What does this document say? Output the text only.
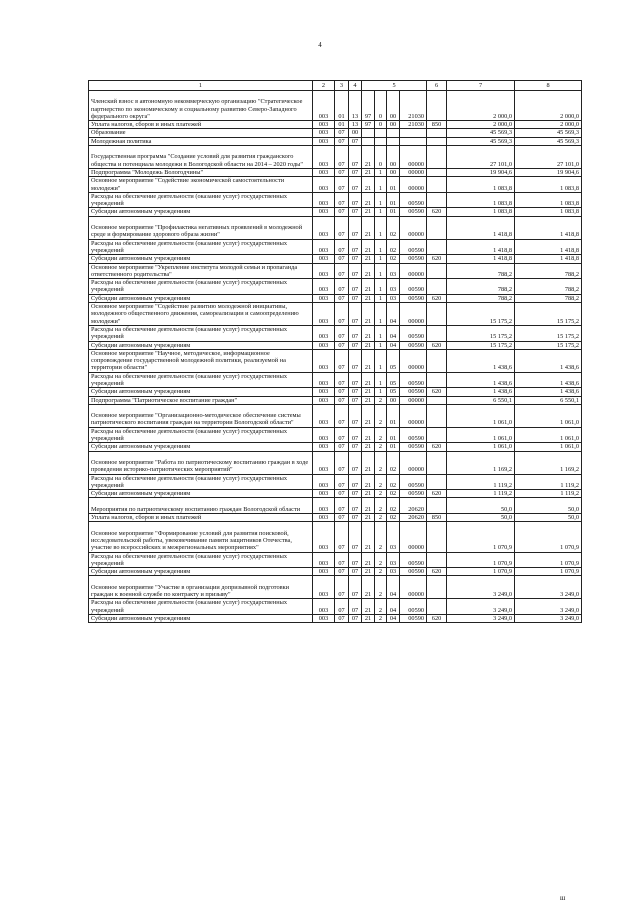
4
1	2	3	4	5				6	7	8
Членский взнос в автономную некоммерческую организацию "Стратегическое партнерство по экономическому и социальному развитию Северо-Западного федерального округа"	003	01	13	97	0	00	21030		2 000,0	2 000,0
Уплата налогов, сборов и иных платежей	003	01	13	97	0	00	21030	850	2 000,0	2 000,0
Образование	003	07	00						45 569,3	45 569,3
Молодежная политика	003	07	07						45 569,3	45 569,3
Государственная программа "Создание условий для развития гражданского общества и потенциала молодежи в Вологодской области на 2014 – 2020 годы"	003	07	07	21	0	00	00000		27 101,0	27 101,0
Подпрограмма "Молодежь Вологодчины"	003	07	07	21	1	00	00000		19 904,6	19 904,6
Основное мероприятие "Содействие экономической самостоятельности молодежи"	003	07	07	21	1	01	00000		1 083,8	1 083,8
Расходы на обеспечение деятельности (оказание услуг) государственных учреждений	003	07	07	21	1	01	00590		1 083,8	1 083,8
Субсидии автономным учреждениям	003	07	07	21	1	01	00590	620	1 083,8	1 083,8
Основное мероприятие "Профилактика негативных проявлений в молодежной среде и формирование здорового образа жизни"	003	07	07	21	1	02	00000		1 418,8	1 418,8
Расходы на обеспечение деятельности (оказание услуг) государственных учреждений	003	07	07	21	1	02	00590		1 418,8	1 418,8
Субсидии автономным учреждениям	003	07	07	21	1	02	00590	620	1 418,8	1 418,8
Основное мероприятие "Укрепление института молодой семьи и пропаганда ответственного родительства"	003	07	07	21	1	03	00000		788,2	788,2
Расходы на обеспечение деятельности (оказание услуг) государственных учреждений	003	07	07	21	1	03	00590		788,2	788,2
Субсидии автономным учреждениям	003	07	07	21	1	03	00590	620	788,2	788,2
Основное мероприятие "Содействие развитию молодежной инициативы, молодежного общественного движения, самореализации и самоопределению молодежи"	003	07	07	21	1	04	00000		15 175,2	15 175,2
Расходы на обеспечение деятельности (оказание услуг) государственных учреждений	003	07	07	21	1	04	00590		15 175,2	15 175,2
Субсидии автономным учреждениям	003	07	07	21	1	04	00590	620	15 175,2	15 175,2
Основное мероприятие "Научное, методическое, информационное сопровождение государственной молодежной политики, реализуемой на территории области"	003	07	07	21	1	05	00000		1 438,6	1 438,6
Расходы на обеспечение деятельности (оказание услуг) государственных учреждений	003	07	07	21	1	05	00590		1 438,6	1 438,6
Субсидии автономным учреждениям	003	07	07	21	1	05	00590	620	1 438,6	1 438,6
Подпрограмма "Патриотическое воспитание граждан"	003	07	07	21	2	00	00000		6 550,1	6 550,1
Основное мероприятие "Организационно-методическое обеспечение системы патриотического воспитания граждан на территории Вологодской области"	003	07	07	21	2	01	00000		1 061,0	1 061,0
Расходы на обеспечение деятельности (оказание услуг) государственных учреждений	003	07	07	21	2	01	00590		1 061,0	1 061,0
Субсидии автономным учреждениям	003	07	07	21	2	01	00590	620	1 061,0	1 061,0
Основное мероприятие "Работа по патриотическому воспитанию граждан в ходе проведения историко-патриотических мероприятий"	003	07	07	21	2	02	00000		1 169,2	1 169,2
Расходы на обеспечение деятельности (оказание услуг) государственных учреждений	003	07	07	21	2	02	00590		1 119,2	1 119,2
Субсидии автономным учреждениям	003	07	07	21	2	02	00590	620	1 119,2	1 119,2
Мероприятия по патриотическому воспитанию граждан Вологодской области	003	07	07	21	2	02	20620		50,0	50,0
Уплата налогов, сборов и иных платежей	003	07	07	21	2	02	20620	850	50,0	50,0
Основное мероприятие "Формирование условий для развития поисковой, исследовательской работы, увековечивание памяти защитников Отечества, участие во всероссийских и межрегиональных мероприятиях"	003	07	07	21	2	03	00000		1 070,9	1 070,9
Расходы на обеспечение деятельности (оказание услуг) государственных учреждений	003	07	07	21	2	03	00590		1 070,9	1 070,9
Субсидии автономным учреждениям	003	07	07	21	2	03	00590	620	1 070,9	1 070,9
Основное мероприятие "Участие в организации допризывной подготовки граждан к военной службе по контракту и призыву"	003	07	07	21	2	04	00000		3 249,0	3 249,0
Расходы на обеспечение деятельности (оказание услуг) государственных учреждений	003	07	07	21	2	04	00590		3 249,0	3 249,0
Субсидии автономным учреждениям	003	07	07	21	2	04	00590	620	3 249,0	3 249,0
ш
